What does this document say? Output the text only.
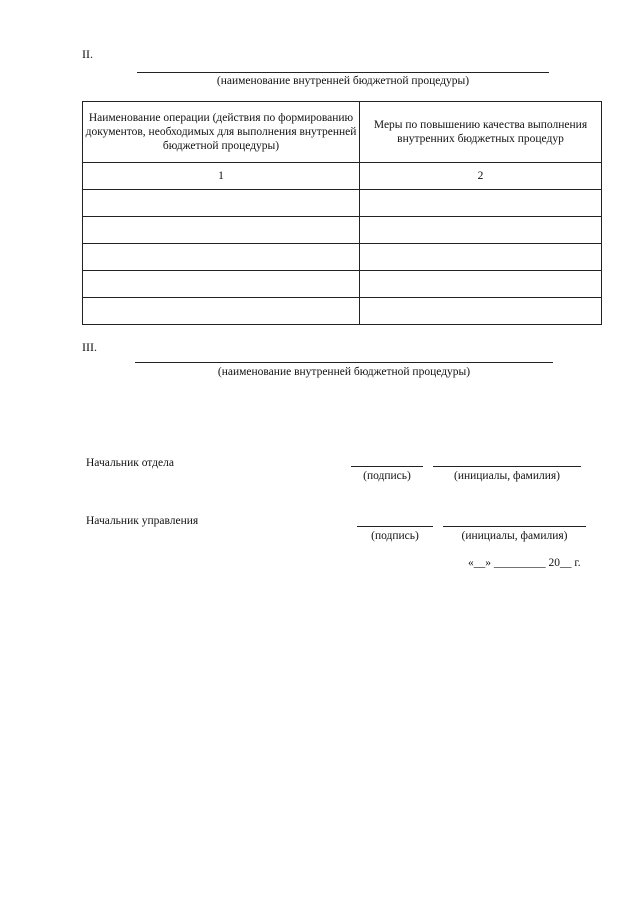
II.
(наименование внутренней бюджетной процедуры)
Наименование операции (действия по формированию документов, необходимых для выполнения внутренней бюджетной процедуры)	Меры по повышению качества выполнения внутренних бюджетных процедур
1	2

III.
(наименование внутренней бюджетной процедуры)
Начальник отдела
(подпись)	(инициалы, фамилия)
Начальник управления
(подпись)	(инициалы, фамилия)
«__» _________ 20__ г.
